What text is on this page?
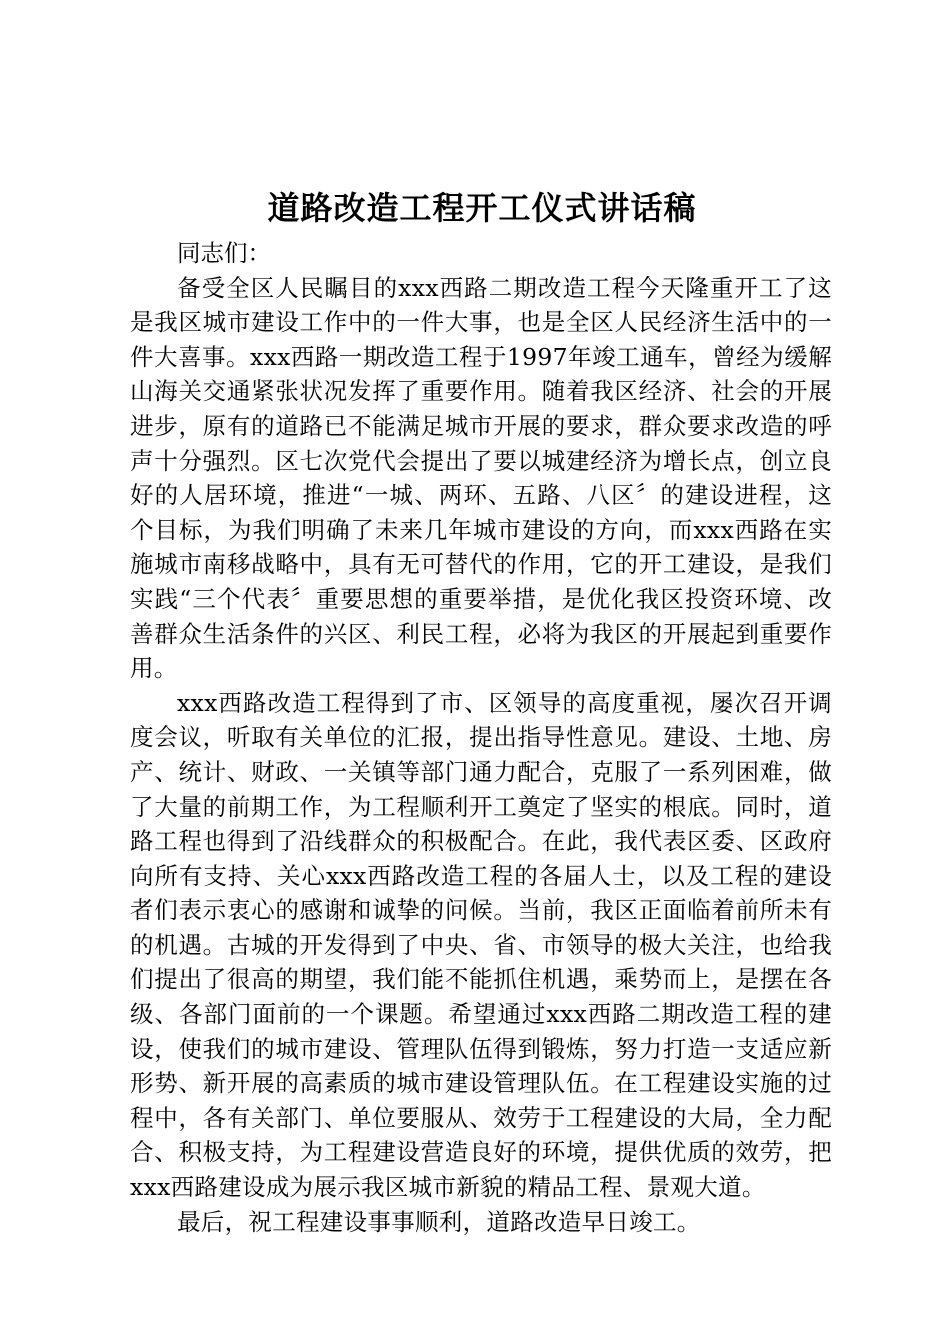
道路改造工程开工仪式讲话稿

同志们：

备受全区人民瞩目的xxx西路二期改造工程今天隆重开工了这是我区城市建设工作中的一件大事，也是全区人民经济生活中的一件大喜事。xxx西路一期改造工程于1997年竣工通车，曾经为缓解山海关交通紧张状况发挥了重要作用。随着我区经济、社会的开展进步，原有的道路已不能满足城市开展的要求，群众要求改造的呼声十分强烈。区七次党代会提出了要以城建经济为增长点，创立良好的人居环境，推进“一城、两环、五路、八区〞的建设进程，这个目标，为我们明确了未来几年城市建设的方向，而xxx西路在实施城市南移战略中，具有无可替代的作用，它的开工建设，是我们实践“三个代表〞重要思想的重要举措，是优化我区投资环境、改善群众生活条件的兴区、利民工程，必将为我区的开展起到重要作用。

xxx西路改造工程得到了市、区领导的高度重视，屡次召开调度会议，听取有关单位的汇报，提出指导性意见。建设、土地、房产、统计、财政、一关镇等部门通力配合，克服了一系列困难，做了大量的前期工作，为工程顺利开工奠定了坚实的根底。同时，道路工程也得到了沿线群众的积极配合。在此，我代表区委、区政府向所有支持、关心xxx西路改造工程的各届人士，以及工程的建设者们表示衷心的感谢和诚挚的问候。当前，我区正面临着前所未有的机遇。古城的开发得到了中央、省、市领导的极大关注，也给我们提出了很高的期望，我们能不能抓住机遇，乘势而上，是摆在各级、各部门面前的一个课题。希望通过xxx西路二期改造工程的建设，使我们的城市建设、管理队伍得到锻炼，努力打造一支适应新形势、新开展的高素质的城市建设管理队伍。在工程建设实施的过程中，各有关部门、单位要服从、效劳于工程建设的大局，全力配合、积极支持，为工程建设营造良好的环境，提供优质的效劳，把xxx西路建设成为展示我区城市新貌的精品工程、景观大道。

最后，祝工程建设事事顺利，道路改造早日竣工。
